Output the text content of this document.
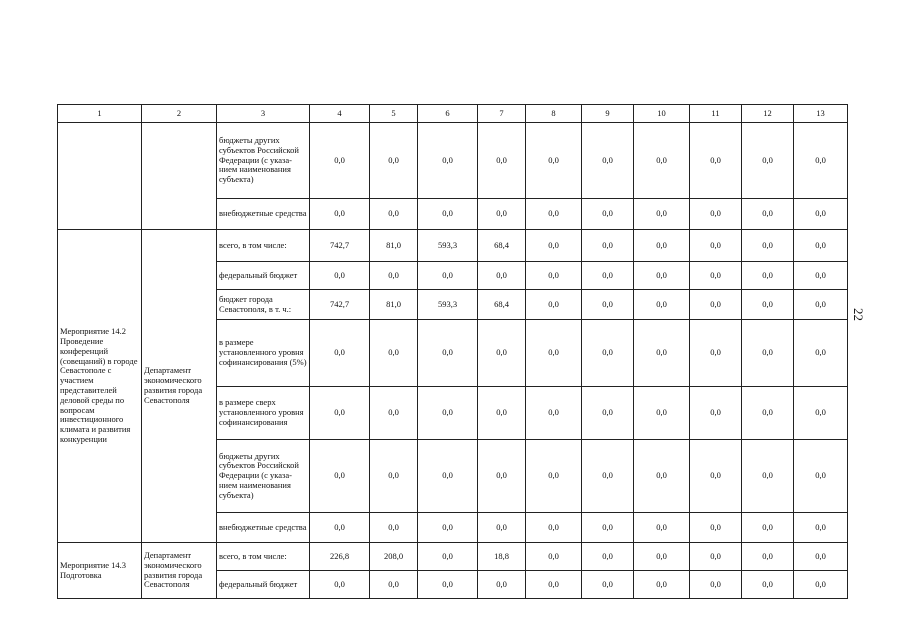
22
1	2	3	4	5	6	7	8	9	10	11	12	13
		бюджеты других субъектов Российской Федерации (с указа-нием наименования субъекта)	0,0	0,0	0,0	0,0	0,0	0,0	0,0	0,0	0,0	0,0
		внебюджетные средства	0,0	0,0	0,0	0,0	0,0	0,0	0,0	0,0	0,0	0,0
Мероприятие 14.2 Проведение конференций (совещаний) в городе Севастополе с участием представителей деловой среды по вопросам инвестиционного климата и развития конкуренции	Департамент экономического развития города Севастополя	всего, в том числе:	742,7	81,0	593,3	68,4	0,0	0,0	0,0	0,0	0,0	0,0
		федеральный бюджет	0,0	0,0	0,0	0,0	0,0	0,0	0,0	0,0	0,0	0,0
		бюджет города Севастополя, в т. ч.:	742,7	81,0	593,3	68,4	0,0	0,0	0,0	0,0	0,0	0,0
		в размере установленного уровня софинансирования (5%)	0,0	0,0	0,0	0,0	0,0	0,0	0,0	0,0	0,0	0,0
		в размере сверх установленного уровня софинансирования	0,0	0,0	0,0	0,0	0,0	0,0	0,0	0,0	0,0	0,0
		бюджеты других субъектов Российской Федерации (с указа-нием наименования субъекта)	0,0	0,0	0,0	0,0	0,0	0,0	0,0	0,0	0,0	0,0
		внебюджетные средства	0,0	0,0	0,0	0,0	0,0	0,0	0,0	0,0	0,0	0,0
Мероприятие 14.3 Подготовка	Департамент экономического развития города Севастополя	всего, в том числе:	226,8	208,0	0,0	18,8	0,0	0,0	0,0	0,0	0,0	0,0
		федеральный бюджет	0,0	0,0	0,0	0,0	0,0	0,0	0,0	0,0	0,0	0,0
